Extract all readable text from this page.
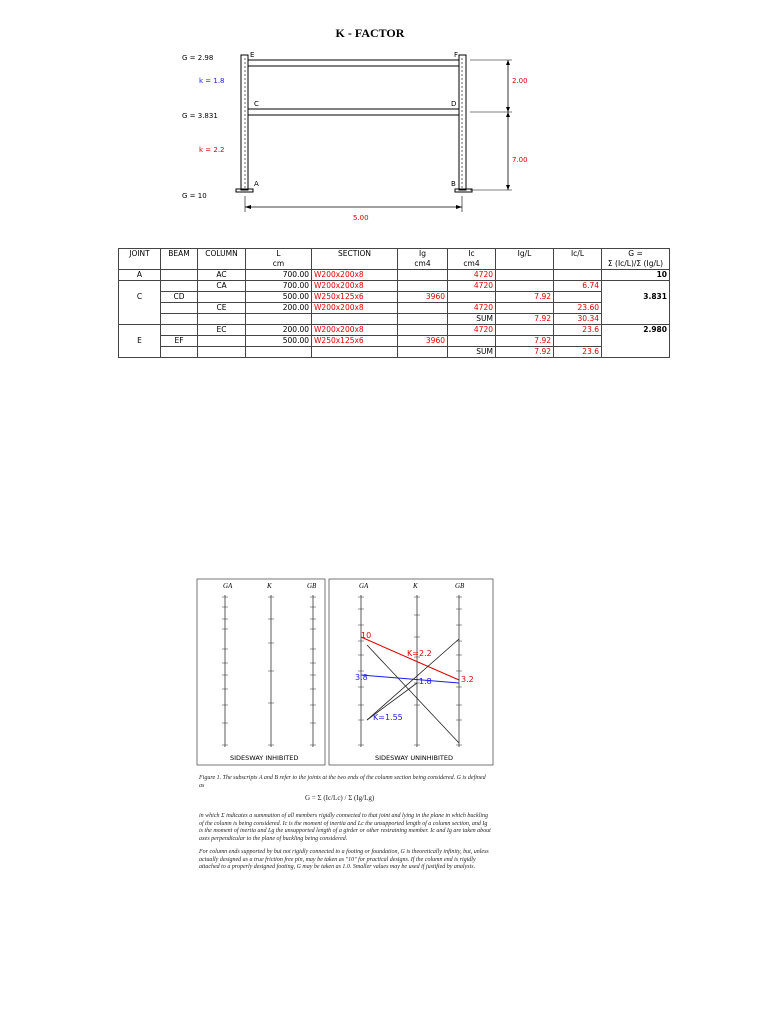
K - FACTOR
E	F
C	D
A	B
G = 2.98
k = 1.8
G = 3.831
k = 2.2
G = 10
2.00
7.00
5.00
JOINT	BEAM	COLUMN	L	SECTION	Ig	Ic	Ig/L	Ic/L	G =
			cm		cm4	cm4			Σ (Ic/L)/Σ (Ig/L)
A		AC	700.00	W200x200x8		4720			10
		CA	700.00	W200x200x8		4720		6.74	
C	CD		500.00	W250x125x6	3960		7.92		3.831
		CE	200.00	W200x200x8		4720		23.60	
						SUM	7.92	30.34	
		EC	200.00	W200x200x8		4720		23.6	2.980
E	EF		500.00	W250x125x6	3960		7.92		
						SUM	7.92	23.6	
GA	K	GB	GA	K	GB
SIDESWAY INHIBITED	SIDESWAY UNINHIBITED
K=2.2
1.8
K=1.55
10
3.8	3.2
Figure 1. The subscripts A and B refer to the joints at the two ends of the column section being considered. G is defined as
G = Σ (Ic/Lc) / Σ (Ig/Lg)
in which Σ indicates a summation of all members rigidly connected to that joint and lying in the plane in which buckling of the column is being considered. Ic is the moment of inertia and Lc the unsupported length of a column section, and Ig is the moment of inertia and Lg the unsupported length of a girder or other restraining member. Ic and Ig are taken about axes perpendicular to the plane of buckling being considered.
For column ends supported by but not rigidly connected to a footing or foundation, G is theoretically infinity, but, unless actually designed as a true friction free pin, may be taken as "10" for practical designs. If the column end is rigidly attached to a properly designed footing, G may be taken as 1.0. Smaller values may be used if justified by analysis.
